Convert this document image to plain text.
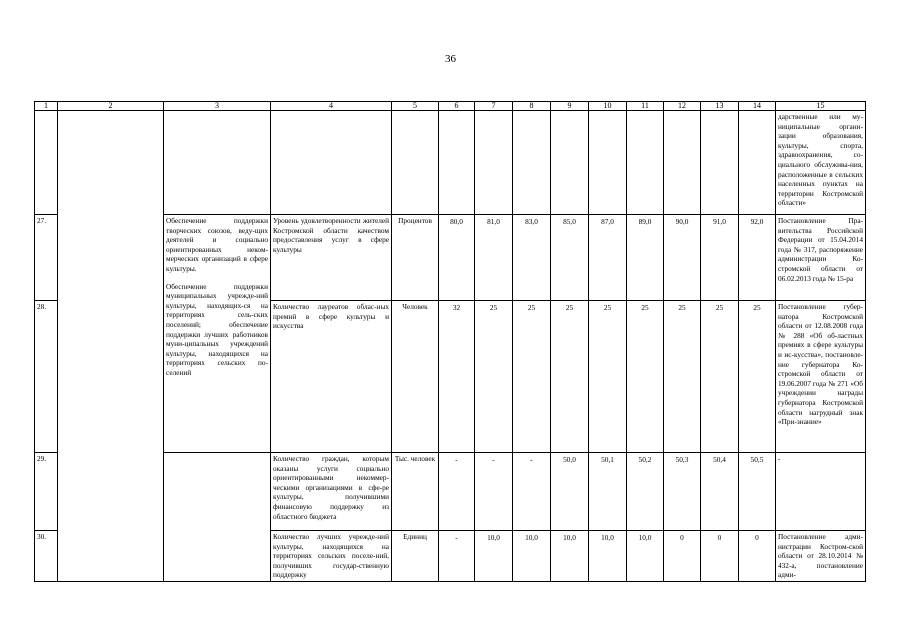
36
1	2	3	4	5	6	7	8	9	10	11	12	13	14	15
														дарственные или му-ниципальные органи-зации образования, культуры, спорта, здравоохранения, со-циального обслужива-ния, расположенные в сельских населенных пунктах на территории Костромской области»
27.		Обеспечение поддержки творческих союзов, веду-щих деятелей и социально ориентированных неком-мерческих организаций в сфере культуры.
Обеспечение поддержки муниципальных учрежде-ний культуры, находящих-ся на территориях сель-ских поселений; обеспечение поддержки лучших работников муни-ципальных учреждений культуры, находящихся на территориях сельских по-селений	Уровень удовлетворенности жителей Костромской области качеством предоставления услуг в сфере культуры	Процентов	80,0	81,0	83,0	85,0	87,0	89,0	90,0	91,0	92,0	Постановление Пра-вительства Российской Федерации от 15.04.2014 года № 317, распоряжение администрации Ко-стромской области от 06.02.2013 года № 15-ра
28.			Количество лауреатов облас-ных премий в сфере культуры и искусства	Человек	32	25	25	25	25	25	25	25	25	Постановление губер-натора Костромской области от 12.08.2008 года № 288 «Об об-ластных премиях в сфере культуры и ис-кусства», постановле-ние губернатора Ко-стромской области от 19.06.2007 года № 271 «Об учреждении награды губернатора Костромской области нагрудный знак «При-знание»
29.			Количество граждан, которым оказаны услуги социально ориентированными некоммер-ческими организациями в сфе-ре культуры, получившими финансовую поддержку из областного бюджета	Тыс. человек	-	-	-	50,0	50,1	50,2	50,3	50,4	50,5	-
30.			Количество лучших учрежде-ний культуры, находящихся на территориях сельских поселе-ний, получивших государ-ственную поддержку	Единиц	-	10,0	10,0	10,0	10,0	10,0	0	0	0	Постановление адми-нистрации Костром-ской области от 28.10.2014 № 432-а, постановление адми-
